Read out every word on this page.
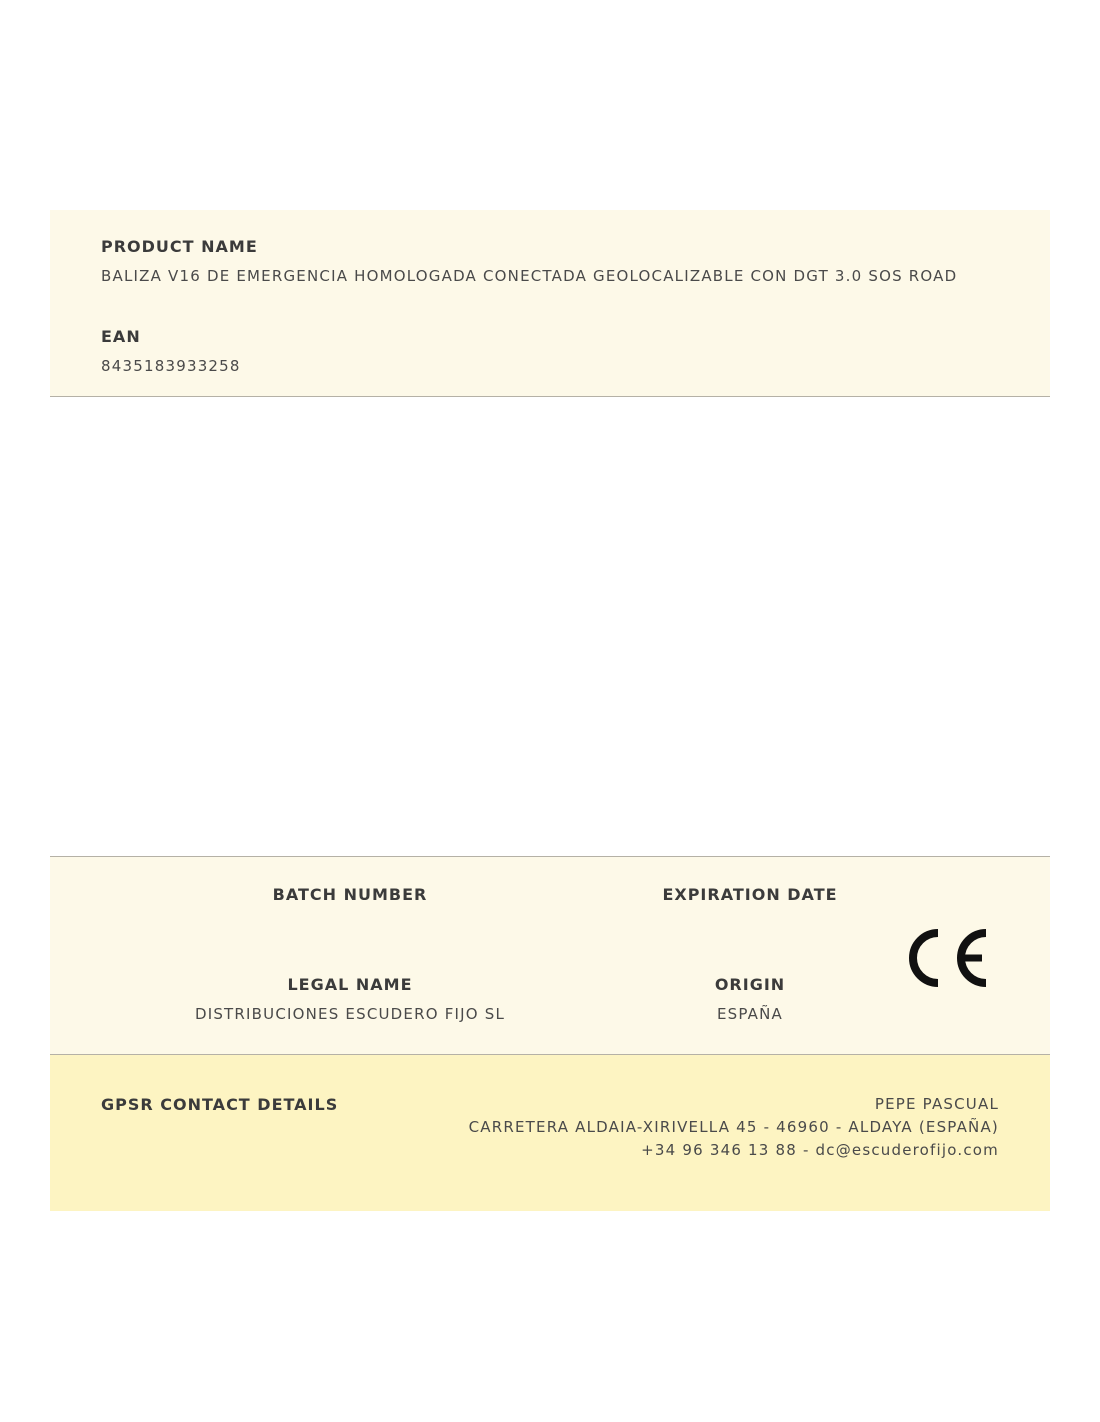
PRODUCT NAME
BALIZA V16 DE EMERGENCIA HOMOLOGADA CONECTADA GEOLOCALIZABLE CON DGT 3.0 SOS ROAD
EAN
8435183933258
BATCH NUMBER	EXPIRATION DATE
LEGAL NAME
DISTRIBUCIONES ESCUDERO FIJO SL
ORIGIN
ESPAÑA
GPSR CONTACT DETAILS	PEPE PASCUAL
CARRETERA ALDAIA-XIRIVELLA 45 - 46960 - ALDAYA (ESPAÑA)
+34 96 346 13 88 - dc@escuderofijo.com
